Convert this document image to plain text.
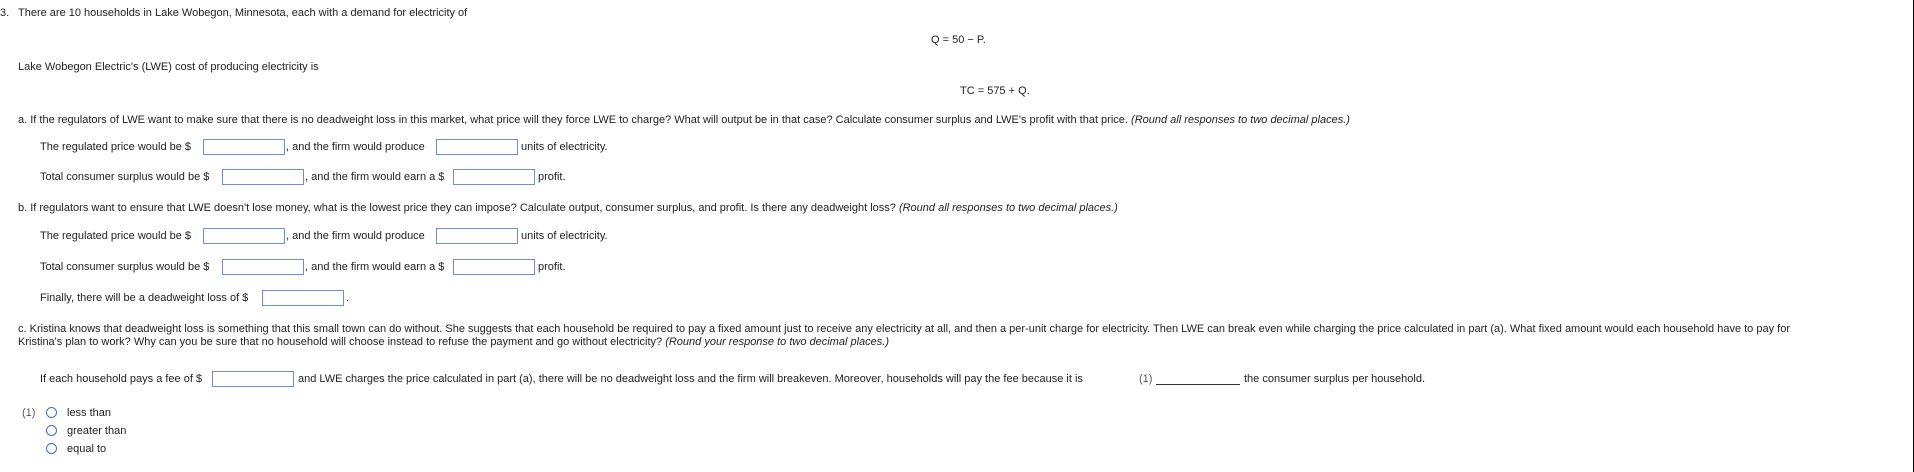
3. There are 10 households in Lake Wobegon, Minnesota, each with a demand for electricity of
Q = 50 − P.
Lake Wobegon Electric's (LWE) cost of producing electricity is
TC = 575 + Q.
a. If the regulators of LWE want to make sure that there is no deadweight loss in this market, what price will they force LWE to charge? What will output be in that case? Calculate consumer surplus and LWE's profit with that price. (Round all responses to two decimal places.)
The regulated price would be $	, and the firm would produce	units of electricity.
Total consumer surplus would be $	, and the firm would earn a $	profit.
b. If regulators want to ensure that LWE doesn't lose money, what is the lowest price they can impose? Calculate output, consumer surplus, and profit. Is there any deadweight loss? (Round all responses to two decimal places.)
The regulated price would be $	, and the firm would produce	units of electricity.
Total consumer surplus would be $	, and the firm would earn a $	profit.
Finally, there will be a deadweight loss of $	.
c. Kristina knows that deadweight loss is something that this small town can do without. She suggests that each household be required to pay a fixed amount just to receive any electricity at all, and then a per-unit charge for electricity. Then LWE can break even while charging the price calculated in part (a). What fixed amount would each household have to pay for
Kristina's plan to work? Why can you be sure that no household will choose instead to refuse the payment and go without electricity? (Round your response to two decimal places.)
If each household pays a fee of $	and LWE charges the price calculated in part (a), there will be no deadweight loss and the firm will breakeven. Moreover, households will pay the fee because it is	(1)	the consumer surplus per household.
(1)	less than
greater than
equal to
